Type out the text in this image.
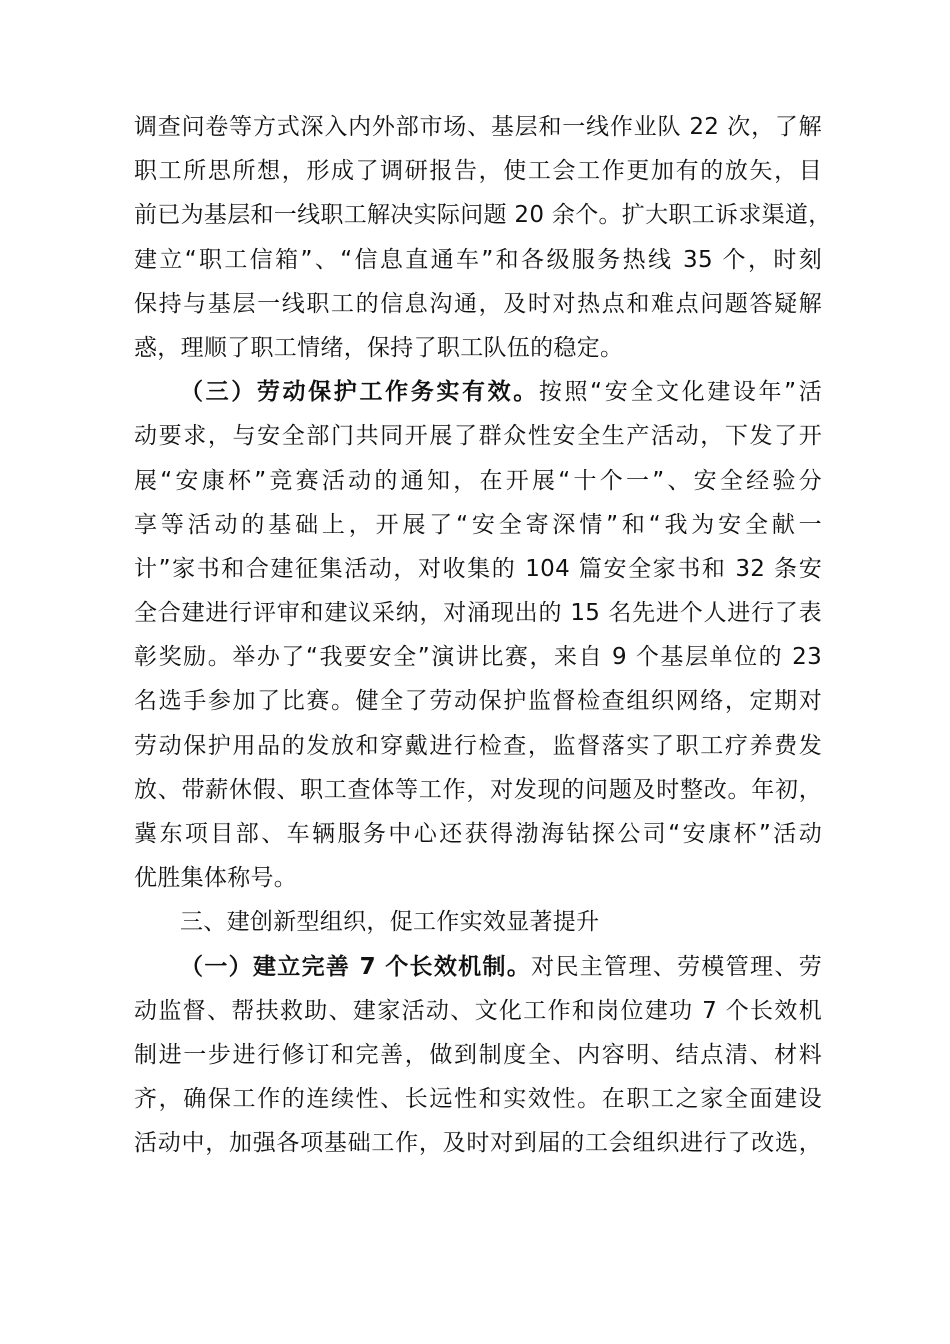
调查问卷等方式深入内外部市场、基层和一线作业队 22 次，了解
职工所思所想，形成了调研报告，使工会工作更加有的放矢，目
前已为基层和一线职工解决实际问题 20 余个。扩大职工诉求渠道，
建立“职工信箱”、“信息直通车”和各级服务热线 35 个，时刻
保持与基层一线职工的信息沟通，及时对热点和难点问题答疑解
惑，理顺了职工情绪，保持了职工队伍的稳定。
（三）劳动保护工作务实有效。按照“安全文化建设年”活
动要求，与安全部门共同开展了群众性安全生产活动，下发了开
展“安康杯”竞赛活动的通知，在开展“十个一”、安全经验分
享等活动的基础上，开展了“安全寄深情”和“我为安全献一
计”家书和合建征集活动，对收集的 104 篇安全家书和 32 条安
全合建进行评审和建议采纳，对涌现出的 15 名先进个人进行了表
彰奖励。举办了“我要安全”演讲比赛，来自 9 个基层单位的 23
名选手参加了比赛。健全了劳动保护监督检查组织网络，定期对
劳动保护用品的发放和穿戴进行检查，监督落实了职工疗养费发
放、带薪休假、职工查体等工作，对发现的问题及时整改。年初，
冀东项目部、车辆服务中心还获得渤海钻探公司“安康杯”活动
优胜集体称号。
三、建创新型组织，促工作实效显著提升
（一）建立完善 7 个长效机制。对民主管理、劳模管理、劳
动监督、帮扶救助、建家活动、文化工作和岗位建功 7 个长效机
制进一步进行修订和完善，做到制度全、内容明、结点清、材料
齐，确保工作的连续性、长远性和实效性。在职工之家全面建设
活动中，加强各项基础工作，及时对到届的工会组织进行了改选，
